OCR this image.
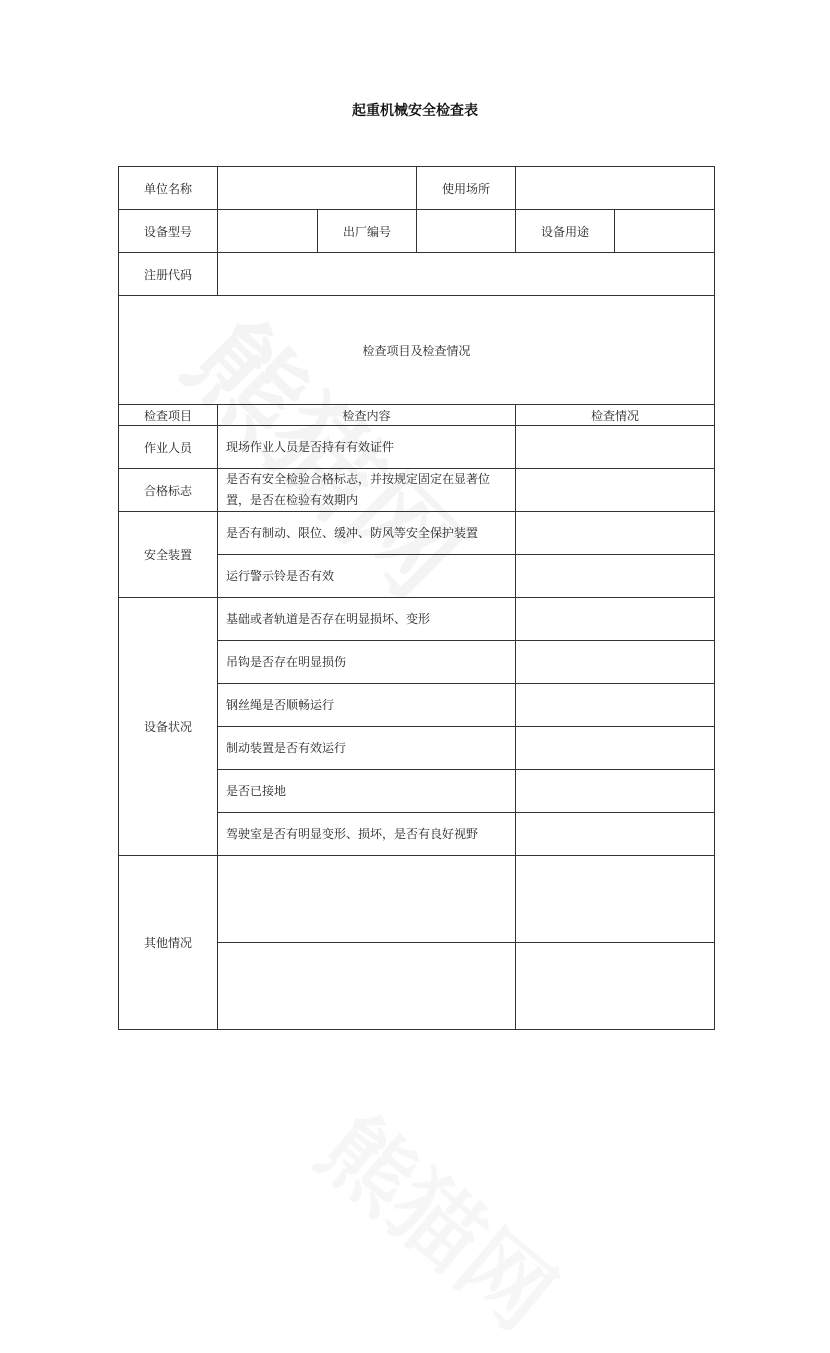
起重机械安全检查表
单位名称			使用场所		
设备型号		出厂编号		设备用途	
注册代码					
检查项目及检查情况					
检查项目	检查内容			检查情况	
作业人员	现场作业人员是否持有有效证件				
合格标志	是否有安全检验合格标志，并按规定固定在显著位置，是否在检验有效期内				
安全装置	是否有制动、限位、缓冲、防风等安全保护装置				
	运行警示铃是否有效				
设备状况	基础或者轨道是否存在明显损坏、变形				
	吊钩是否存在明显损伤				
	钢丝绳是否顺畅运行				
	制动装置是否有效运行				
	是否已接地				
	驾驶室是否有明显变形、损坏，是否有良好视野				
其他情况					
